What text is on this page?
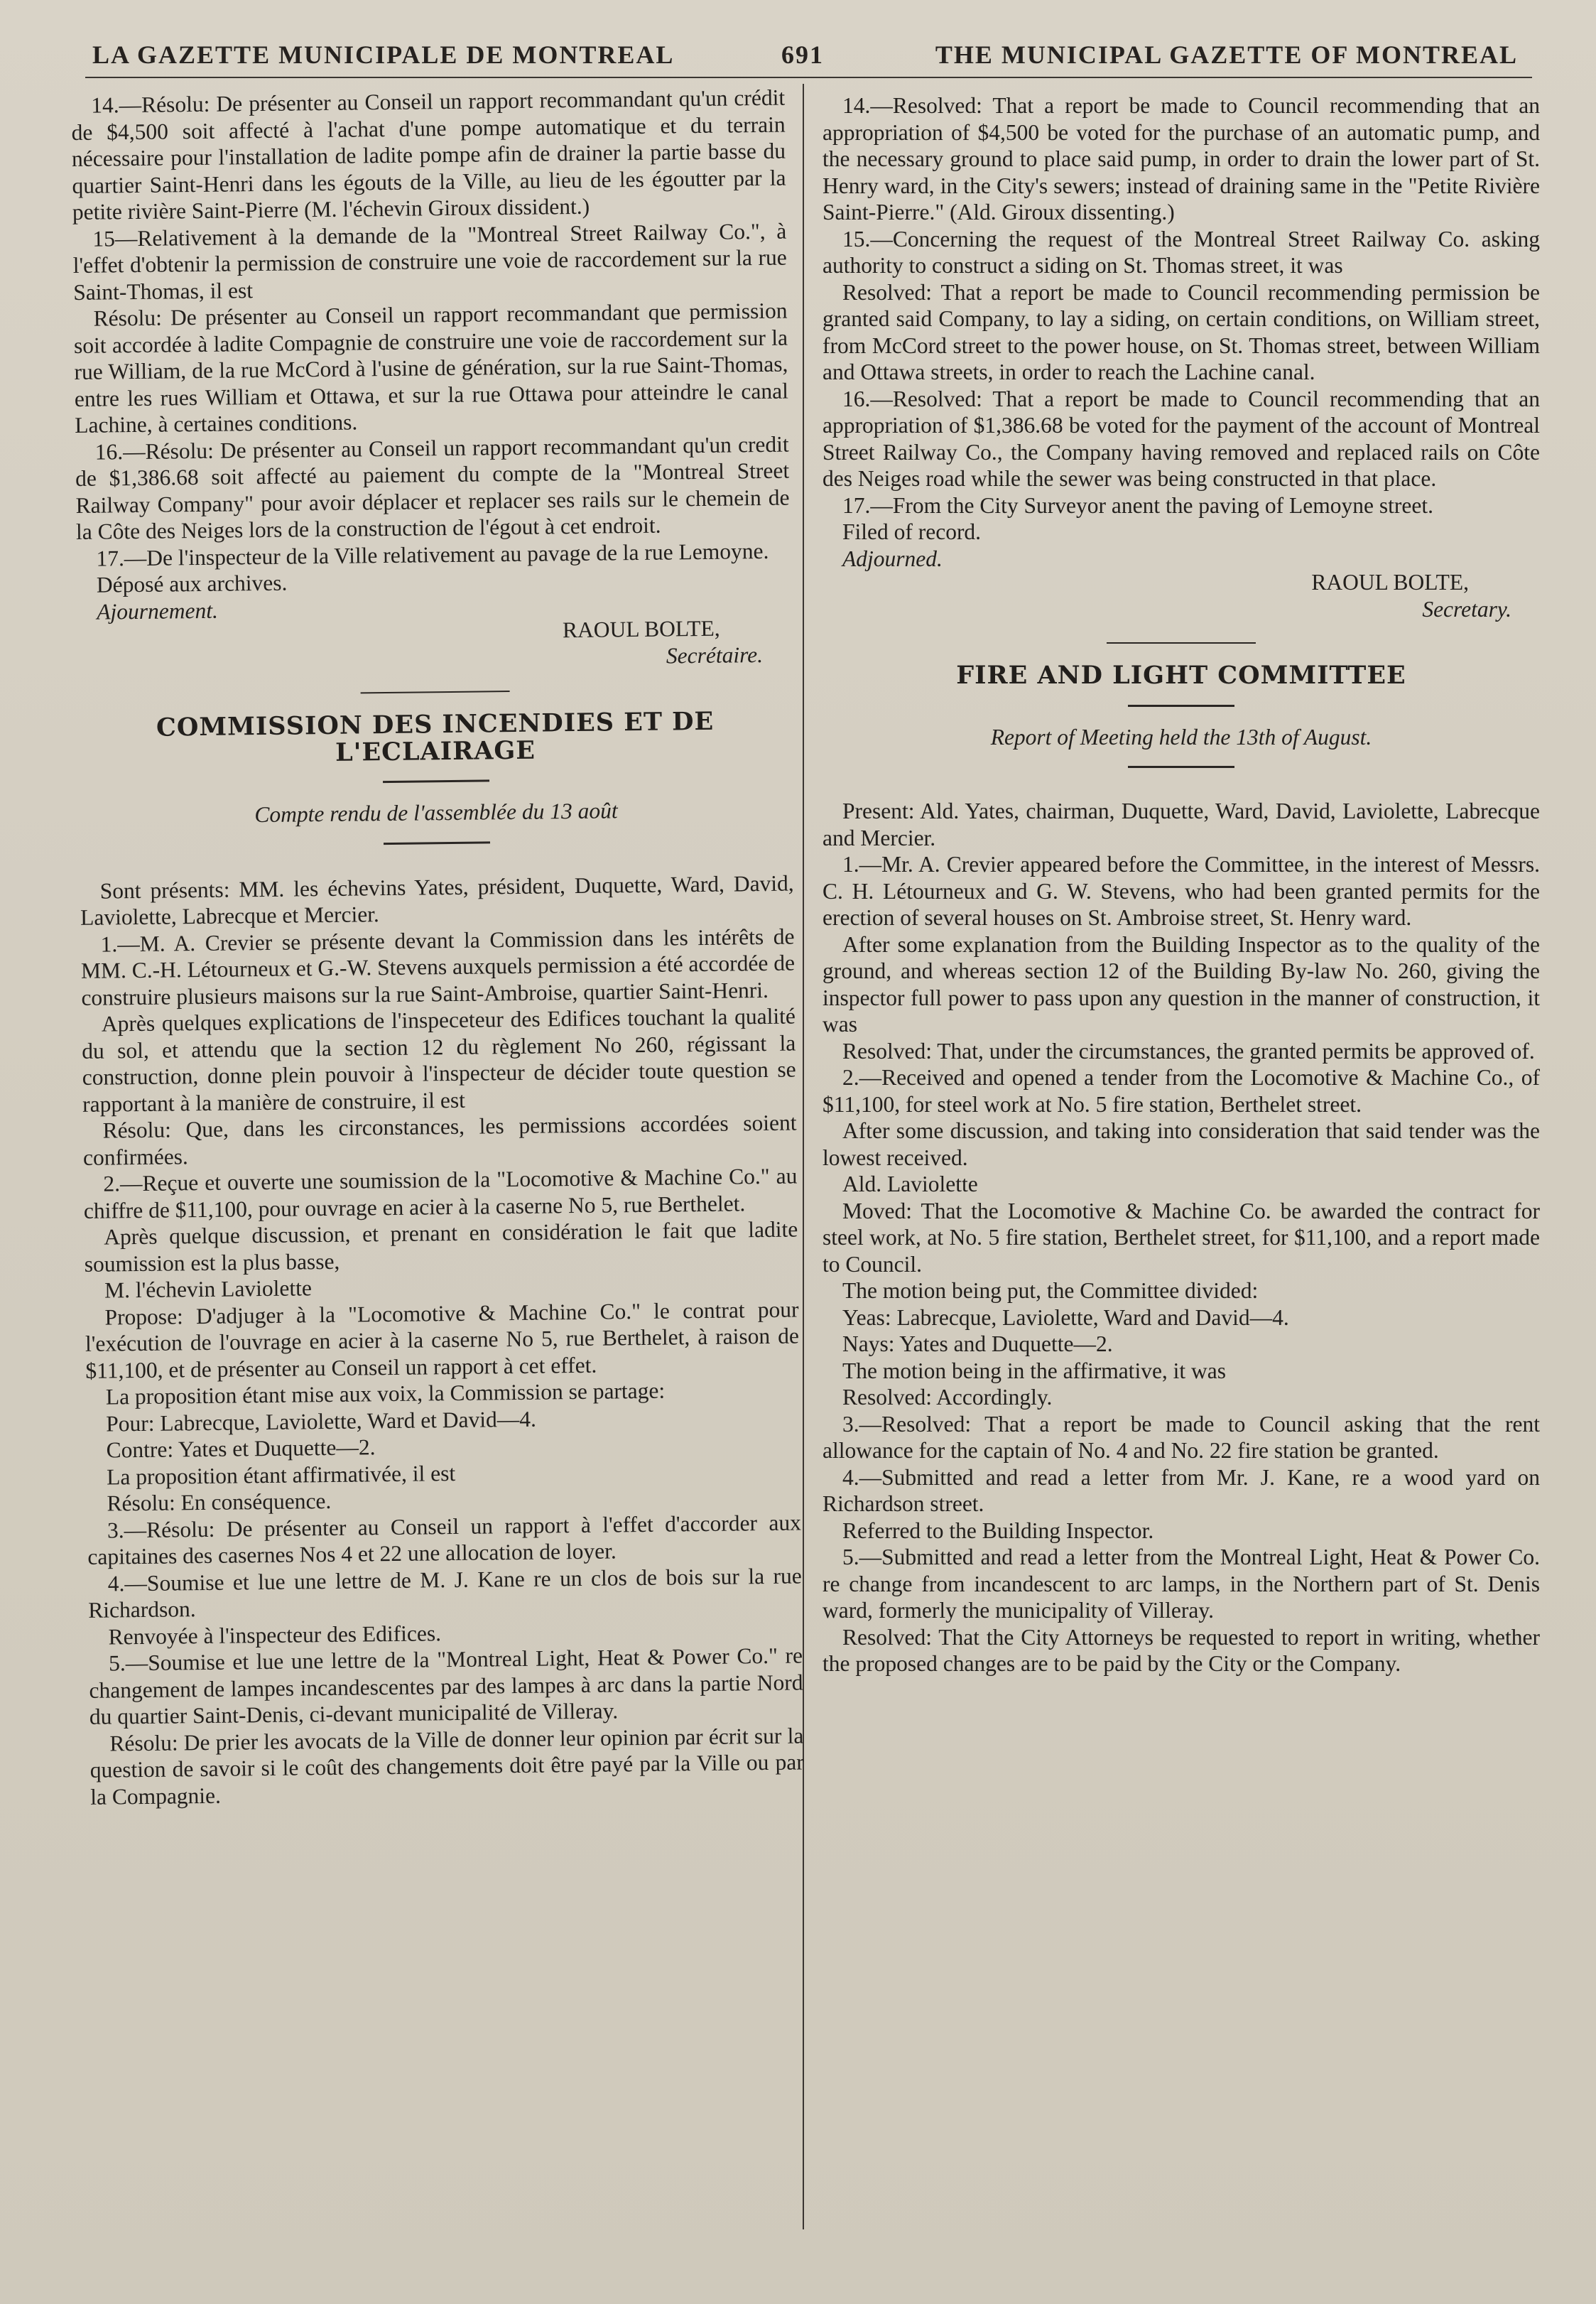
LA GAZETTE MUNICIPALE DE MONTREAL	691	THE MUNICIPAL GAZETTE OF MONTREAL

14.—Résolu: De présenter au Conseil un rapport recommandant qu'un crédit de $4,500 soit affecté à l'achat d'une pompe automatique et du terrain nécessaire pour l'installation de ladite pompe afin de drainer la partie basse du quartier Saint-Henri dans les égouts de la Ville, au lieu de les égoutter par la petite rivière Saint-Pierre (M. l'échevin Giroux dissident.)

15—Relativement à la demande de la "Montreal Street Railway Co.", à l'effet d'obtenir la permission de construire une voie de raccordement sur la rue Saint-Thomas, il est

Résolu: De présenter au Conseil un rapport recommandant que permission soit accordée à ladite Compagnie de construire une voie de raccordement sur la rue William, de la rue McCord à l'usine de génération, sur la rue Saint-Thomas, entre les rues William et Ottawa, et sur la rue Ottawa pour atteindre le canal Lachine, à certaines conditions.

16.—Résolu: De présenter au Conseil un rapport recommandant qu'un credit de $1,386.68 soit affecté au paiement du compte de la "Montreal Street Railway Company" pour avoir déplacer et replacer ses rails sur le chemein de la Côte des Neiges lors de la construction de l'égout à cet endroit.

17.—De l'inspecteur de la Ville relativement au pavage de la rue Lemoyne.

Déposé aux archives.

Ajournement.

RAOUL BOLTE,
Secrétaire.
COMMISSION DES INCENDIES ET DE L'ECLAIRAGE
Compte rendu de l'assemblée du 13 août

Sont présents: MM. les échevins Yates, président, Duquette, Ward, David, Laviolette, Labrecque et Mercier.

1.—M. A. Crevier se présente devant la Commission dans les intérêts de MM. C.-H. Létourneux et G.-W. Stevens auxquels permission a été accordée de construire plusieurs maisons sur la rue Saint-Ambroise, quartier Saint-Henri.

Après quelques explications de l'inspeceteur des Edifices touchant la qualité du sol, et attendu que la section 12 du règlement No 260, régissant la construction, donne plein pouvoir à l'inspecteur de décider toute question se rapportant à la manière de construire, il est

Résolu: Que, dans les circonstances, les permissions accordées soient confirmées.

2.—Reçue et ouverte une soumission de la "Locomotive & Machine Co." au chiffre de $11,100, pour ouvrage en acier à la caserne No 5, rue Berthelet.

Après quelque discussion, et prenant en considération le fait que ladite soumission est la plus basse,

M. l'échevin Laviolette

Propose: D'adjuger à la "Locomotive & Machine Co." le contrat pour l'exécution de l'ouvrage en acier à la caserne No 5, rue Berthelet, à raison de $11,100, et de présenter au Conseil un rapport à cet effet.

La proposition étant mise aux voix, la Commission se partage:

Pour: Labrecque, Laviolette, Ward et David—4.

Contre: Yates et Duquette—2.

La proposition étant affirmativée, il est

Résolu: En conséquence.

3.—Résolu: De présenter au Conseil un rapport à l'effet d'accorder aux capitaines des casernes Nos 4 et 22 une allocation de loyer.

4.—Soumise et lue une lettre de M. J. Kane re un clos de bois sur la rue Richardson.

Renvoyée à l'inspecteur des Edifices.

5.—Soumise et lue une lettre de la "Montreal Light, Heat & Power Co." re changement de lampes incandescentes par des lampes à arc dans la partie Nord du quartier Saint-Denis, ci-devant municipalité de Villeray.

Résolu: De prier les avocats de la Ville de donner leur opinion par écrit sur la question de savoir si le coût des changements doit être payé par la Ville ou par la Compagnie.

14.—Resolved: That a report be made to Council recommending that an appropriation of $4,500 be voted for the purchase of an automatic pump, and the necessary ground to place said pump, in order to drain the lower part of St. Henry ward, in the City's sewers; instead of draining same in the "Petite Rivière Saint-Pierre." (Ald. Giroux dissenting.)

15.—Concerning the request of the Montreal Street Railway Co. asking authority to construct a siding on St. Thomas street, it was

Resolved: That a report be made to Council recommending permission be granted said Company, to lay a siding, on certain conditions, on William street, from McCord street to the power house, on St. Thomas street, between William and Ottawa streets, in order to reach the Lachine canal.

16.—Resolved: That a report be made to Council recommending that an appropriation of $1,386.68 be voted for the payment of the account of Montreal Street Railway Co., the Company having removed and replaced rails on Côte des Neiges road while the sewer was being constructed in that place.

17.—From the City Surveyor anent the paving of Lemoyne street.

Filed of record.

Adjourned.

RAOUL BOLTE,
Secretary.
FIRE AND LIGHT COMMITTEE
Report of Meeting held the 13th of August.

Present: Ald. Yates, chairman, Duquette, Ward, David, Laviolette, Labrecque and Mercier.

1.—Mr. A. Crevier appeared before the Committee, in the interest of Messrs. C. H. Létourneux and G. W. Stevens, who had been granted permits for the erection of several houses on St. Ambroise street, St. Henry ward.

After some explanation from the Building Inspector as to the quality of the ground, and whereas section 12 of the Building By-law No. 260, giving the inspector full power to pass upon any question in the manner of construction, it was

Resolved: That, under the circumstances, the granted permits be approved of.

2.—Received and opened a tender from the Locomotive & Machine Co., of $11,100, for steel work at No. 5 fire station, Berthelet street.

After some discussion, and taking into consideration that said tender was the lowest received.

Ald. Laviolette

Moved: That the Locomotive & Machine Co. be awarded the contract for steel work, at No. 5 fire station, Berthelet street, for $11,100, and a report made to Council.

The motion being put, the Committee divided:

Yeas: Labrecque, Laviolette, Ward and David—4.

Nays: Yates and Duquette—2.

The motion being in the affirmative, it was

Resolved: Accordingly.

3.—Resolved: That a report be made to Council asking that the rent allowance for the captain of No. 4 and No. 22 fire station be granted.

4.—Submitted and read a letter from Mr. J. Kane, re a wood yard on Richardson street.

Referred to the Building Inspector.

5.—Submitted and read a letter from the Montreal Light, Heat & Power Co. re change from incandescent to arc lamps, in the Northern part of St. Denis ward, formerly the municipality of Villeray.

Resolved: That the City Attorneys be requested to report in writing, whether the proposed changes are to be paid by the City or the Company.
